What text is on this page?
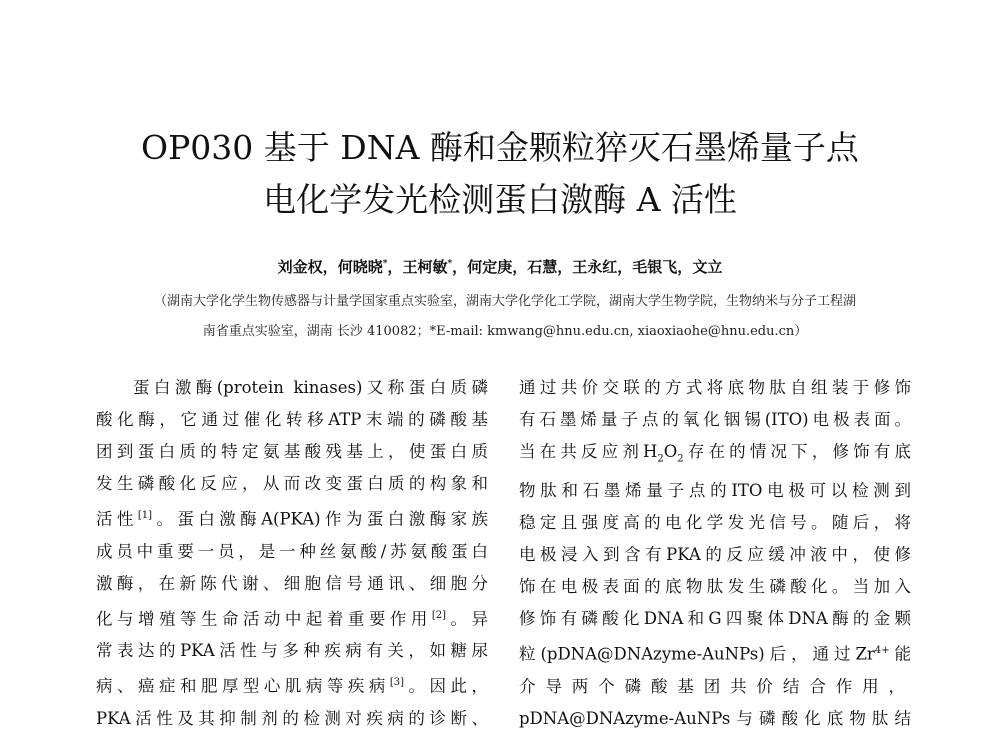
OP030 基于 DNA 酶和金颗粒猝灭石墨烯量子点
电化学发光检测蛋白激酶 A 活性
刘金权，何晓晓*，王柯敏*，何定庚，石慧，王永红，毛银飞，文立
（湖南大学化学生物传感器与计量学国家重点实验室，湖南大学化学化工学院，湖南大学生物学院，生物纳米与分子工程湖
南省重点实验室，湖南 长沙 410082；*E-mail: kmwang@hnu.edu.cn, xiaoxiaohe@hnu.edu.cn）
蛋白激酶(protein kinases)又称蛋白质磷
酸化酶，它通过催化转移ATP末端的磷酸基
团到蛋白质的特定氨基酸残基上，使蛋白质
发生磷酸化反应，从而改变蛋白质的构象和
活性[1]。蛋白激酶A(PKA)作为蛋白激酶家族
成员中重要一员，是一种丝氨酸/苏氨酸蛋白
激酶，在新陈代谢、细胞信号通讯、细胞分
化与增殖等生命活动中起着重要作用[2]。异
常表达的PKA活性与多种疾病有关，如糖尿
病、癌症和肥厚型心肌病等疾病[3]。因此，
PKA活性及其抑制剂的检测对疾病的诊断、
通过共价交联的方式将底物肽自组装于修饰
有石墨烯量子点的氧化铟锡(ITO)电极表面。
当在共反应剂$H_2O_2$存在的情况下，修饰有底
物肽和石墨烯量子点的ITO电极可以检测到
稳定且强度高的电化学发光信号。随后，将
电极浸入到含有PKA的反应缓冲液中，使修
饰在电极表面的底物肽发生磷酸化。当加入
修饰有磷酸化DNA和G四聚体DNA酶的金颗
粒(pDNA@DNAzyme-AuNPs)后，通过$Zr^{4+}$能
介导两个磷酸基团共价结合作用，
pDNA@DNAzyme-AuNPs与磷酸化底物肽结
